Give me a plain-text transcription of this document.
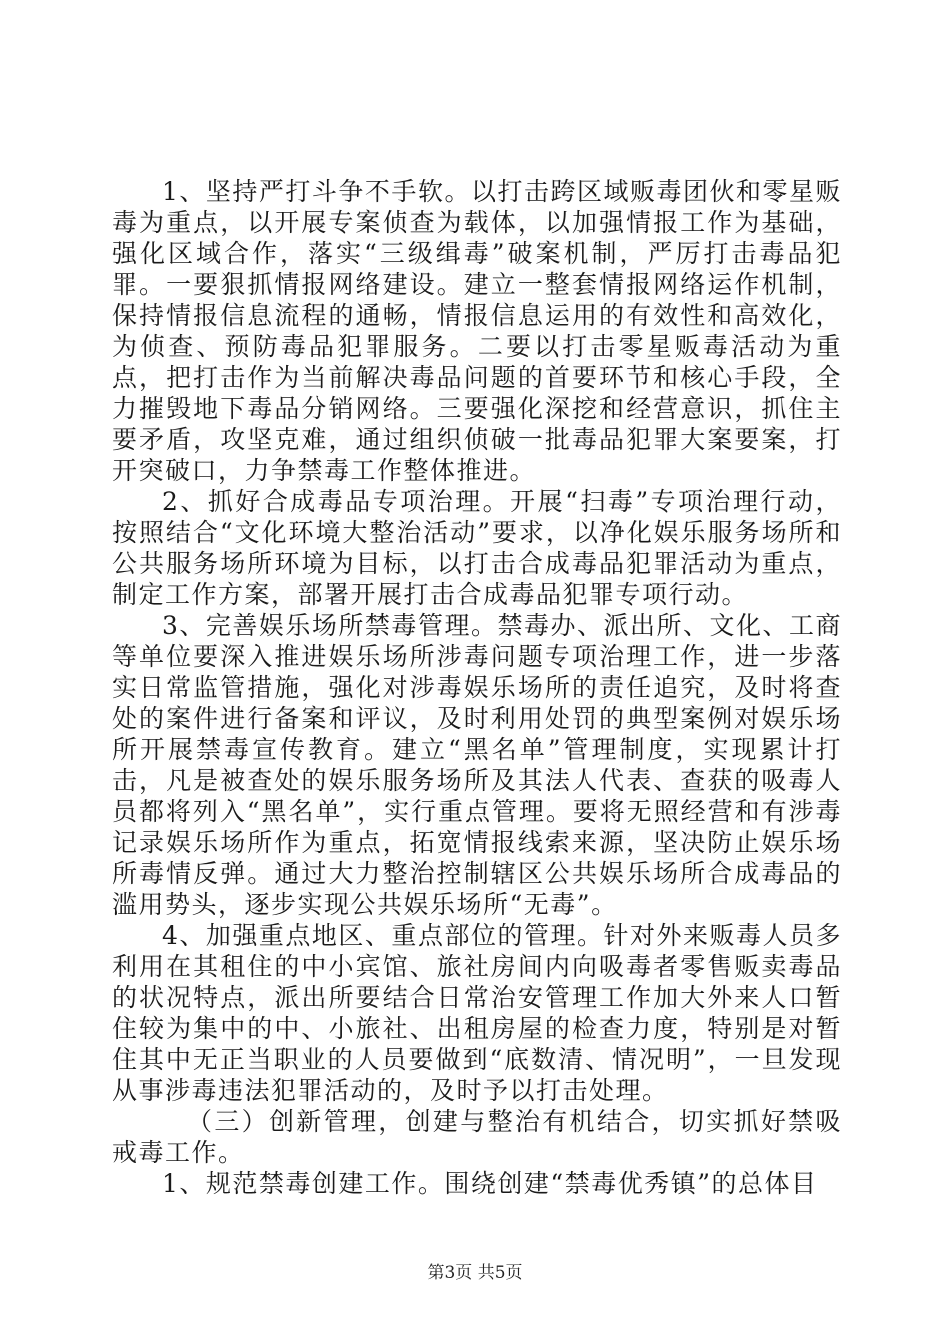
1、坚持严打斗争不手软。以打击跨区域贩毒团伙和零星贩毒为重点，以开展专案侦查为载体，以加强情报工作为基础，强化区域合作，落实“三级缉毒”破案机制，严厉打击毒品犯罪。一要狠抓情报网络建设。建立一整套情报网络运作机制，保持情报信息流程的通畅，情报信息运用的有效性和高效化，为侦查、预防毒品犯罪服务。二要以打击零星贩毒活动为重点，把打击作为当前解决毒品问题的首要环节和核心手段，全力摧毁地下毒品分销网络。三要强化深挖和经营意识，抓住主要矛盾，攻坚克难，通过组织侦破一批毒品犯罪大案要案，打开突破口，力争禁毒工作整体推进。

2、抓好合成毒品专项治理。开展“扫毒”专项治理行动，按照结合“文化环境大整治活动”要求，以净化娱乐服务场所和公共服务场所环境为目标，以打击合成毒品犯罪活动为重点，制定工作方案，部署开展打击合成毒品犯罪专项行动。

3、完善娱乐场所禁毒管理。禁毒办、派出所、文化、工商等单位要深入推进娱乐场所涉毒问题专项治理工作，进一步落实日常监管措施，强化对涉毒娱乐场所的责任追究，及时将查处的案件进行备案和评议，及时利用处罚的典型案例对娱乐场所开展禁毒宣传教育。建立“黑名单”管理制度，实现累计打击，凡是被查处的娱乐服务场所及其法人代表、查获的吸毒人员都将列入“黑名单”，实行重点管理。要将无照经营和有涉毒记录娱乐场所作为重点，拓宽情报线索来源，坚决防止娱乐场所毒情反弹。通过大力整治控制辖区公共娱乐场所合成毒品的滥用势头，逐步实现公共娱乐场所“无毒”。

4、加强重点地区、重点部位的管理。针对外来贩毒人员多利用在其租住的中小宾馆、旅社房间内向吸毒者零售贩卖毒品的状况特点，派出所要结合日常治安管理工作加大外来人口暂住较为集中的中、小旅社、出租房屋的检查力度，特别是对暂住其中无正当职业的人员要做到“底数清、情况明”，一旦发现从事涉毒违法犯罪活动的，及时予以打击处理。

（三）创新管理，创建与整治有机结合，切实抓好禁吸戒毒工作。

1、规范禁毒创建工作。围绕创建“禁毒优秀镇”的总体目

第3页 共5页
